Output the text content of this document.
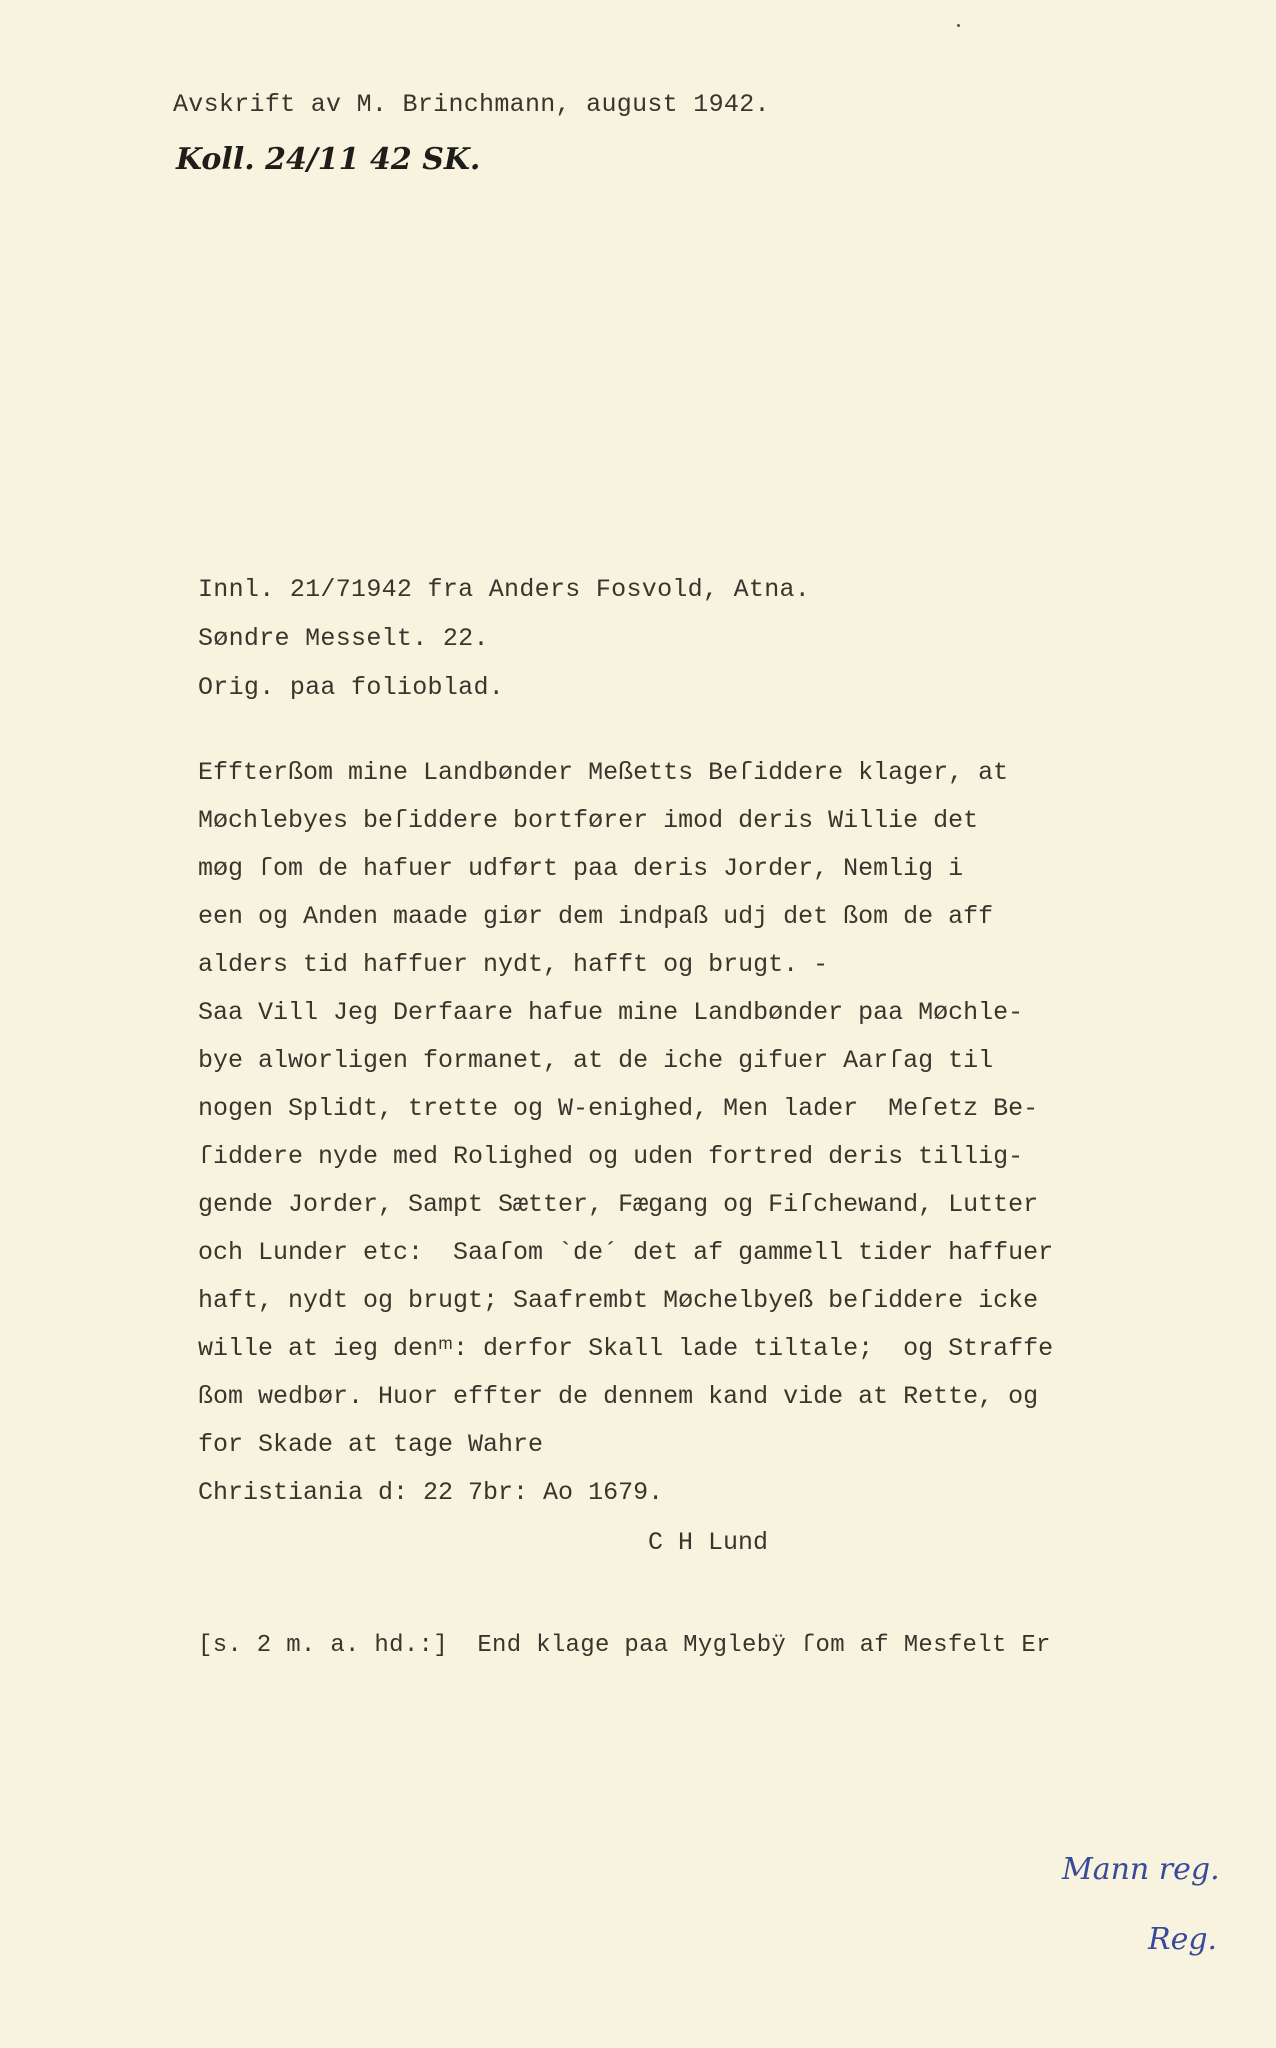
Avskrift av M. Brinchmann, august 1942.
Koll. 24/11 42 SK.
Innl. 21/71942 fra Anders Fosvold, Atna.
Søndre Messelt. 22.
Orig. paa folioblad.
Effterßom mine Landbønder Meßetts Beſiddere klager, at
Møchlebyes beſiddere bortfører imod deris Willie det
møg ſom de hafuer udført paa deris Jorder, Nemlig i
een og Anden maade giør dem indpaß udj det ßom de aff
alders tid haffuer nydt, hafft og brugt. -
Saa Vill Jeg Derfaare hafue mine Landbønder paa Møchle-
bye alworligen formanet, at de iche gifuer Aarſag til
nogen Splidt, trette og W-enighed, Men lader  Meſetz Be-
ſiddere nyde med Rolighed og uden fortred deris tillig-
gende Jorder, Sampt Sætter, Fægang og Fiſchewand, Lutter
och Lunder etc:  Saaſom `de´ det af gammell tider haffuer
haft, nydt og brugt; Saafrembt Møchelbyeß beſiddere icke
wille at ieg denᵐ: derfor Skall lade tiltale;  og Straffe
ßom wedbør. Huor effter de dennem kand vide at Rette, og
for Skade at tage Wahre
Christiania d: 22 7br: Ao 1679.
C H Lund
[s. 2 m. a. hd.:]  End klage paa Myglebÿ ſom af Mesfelt Er
Mann reg.
Reg.
